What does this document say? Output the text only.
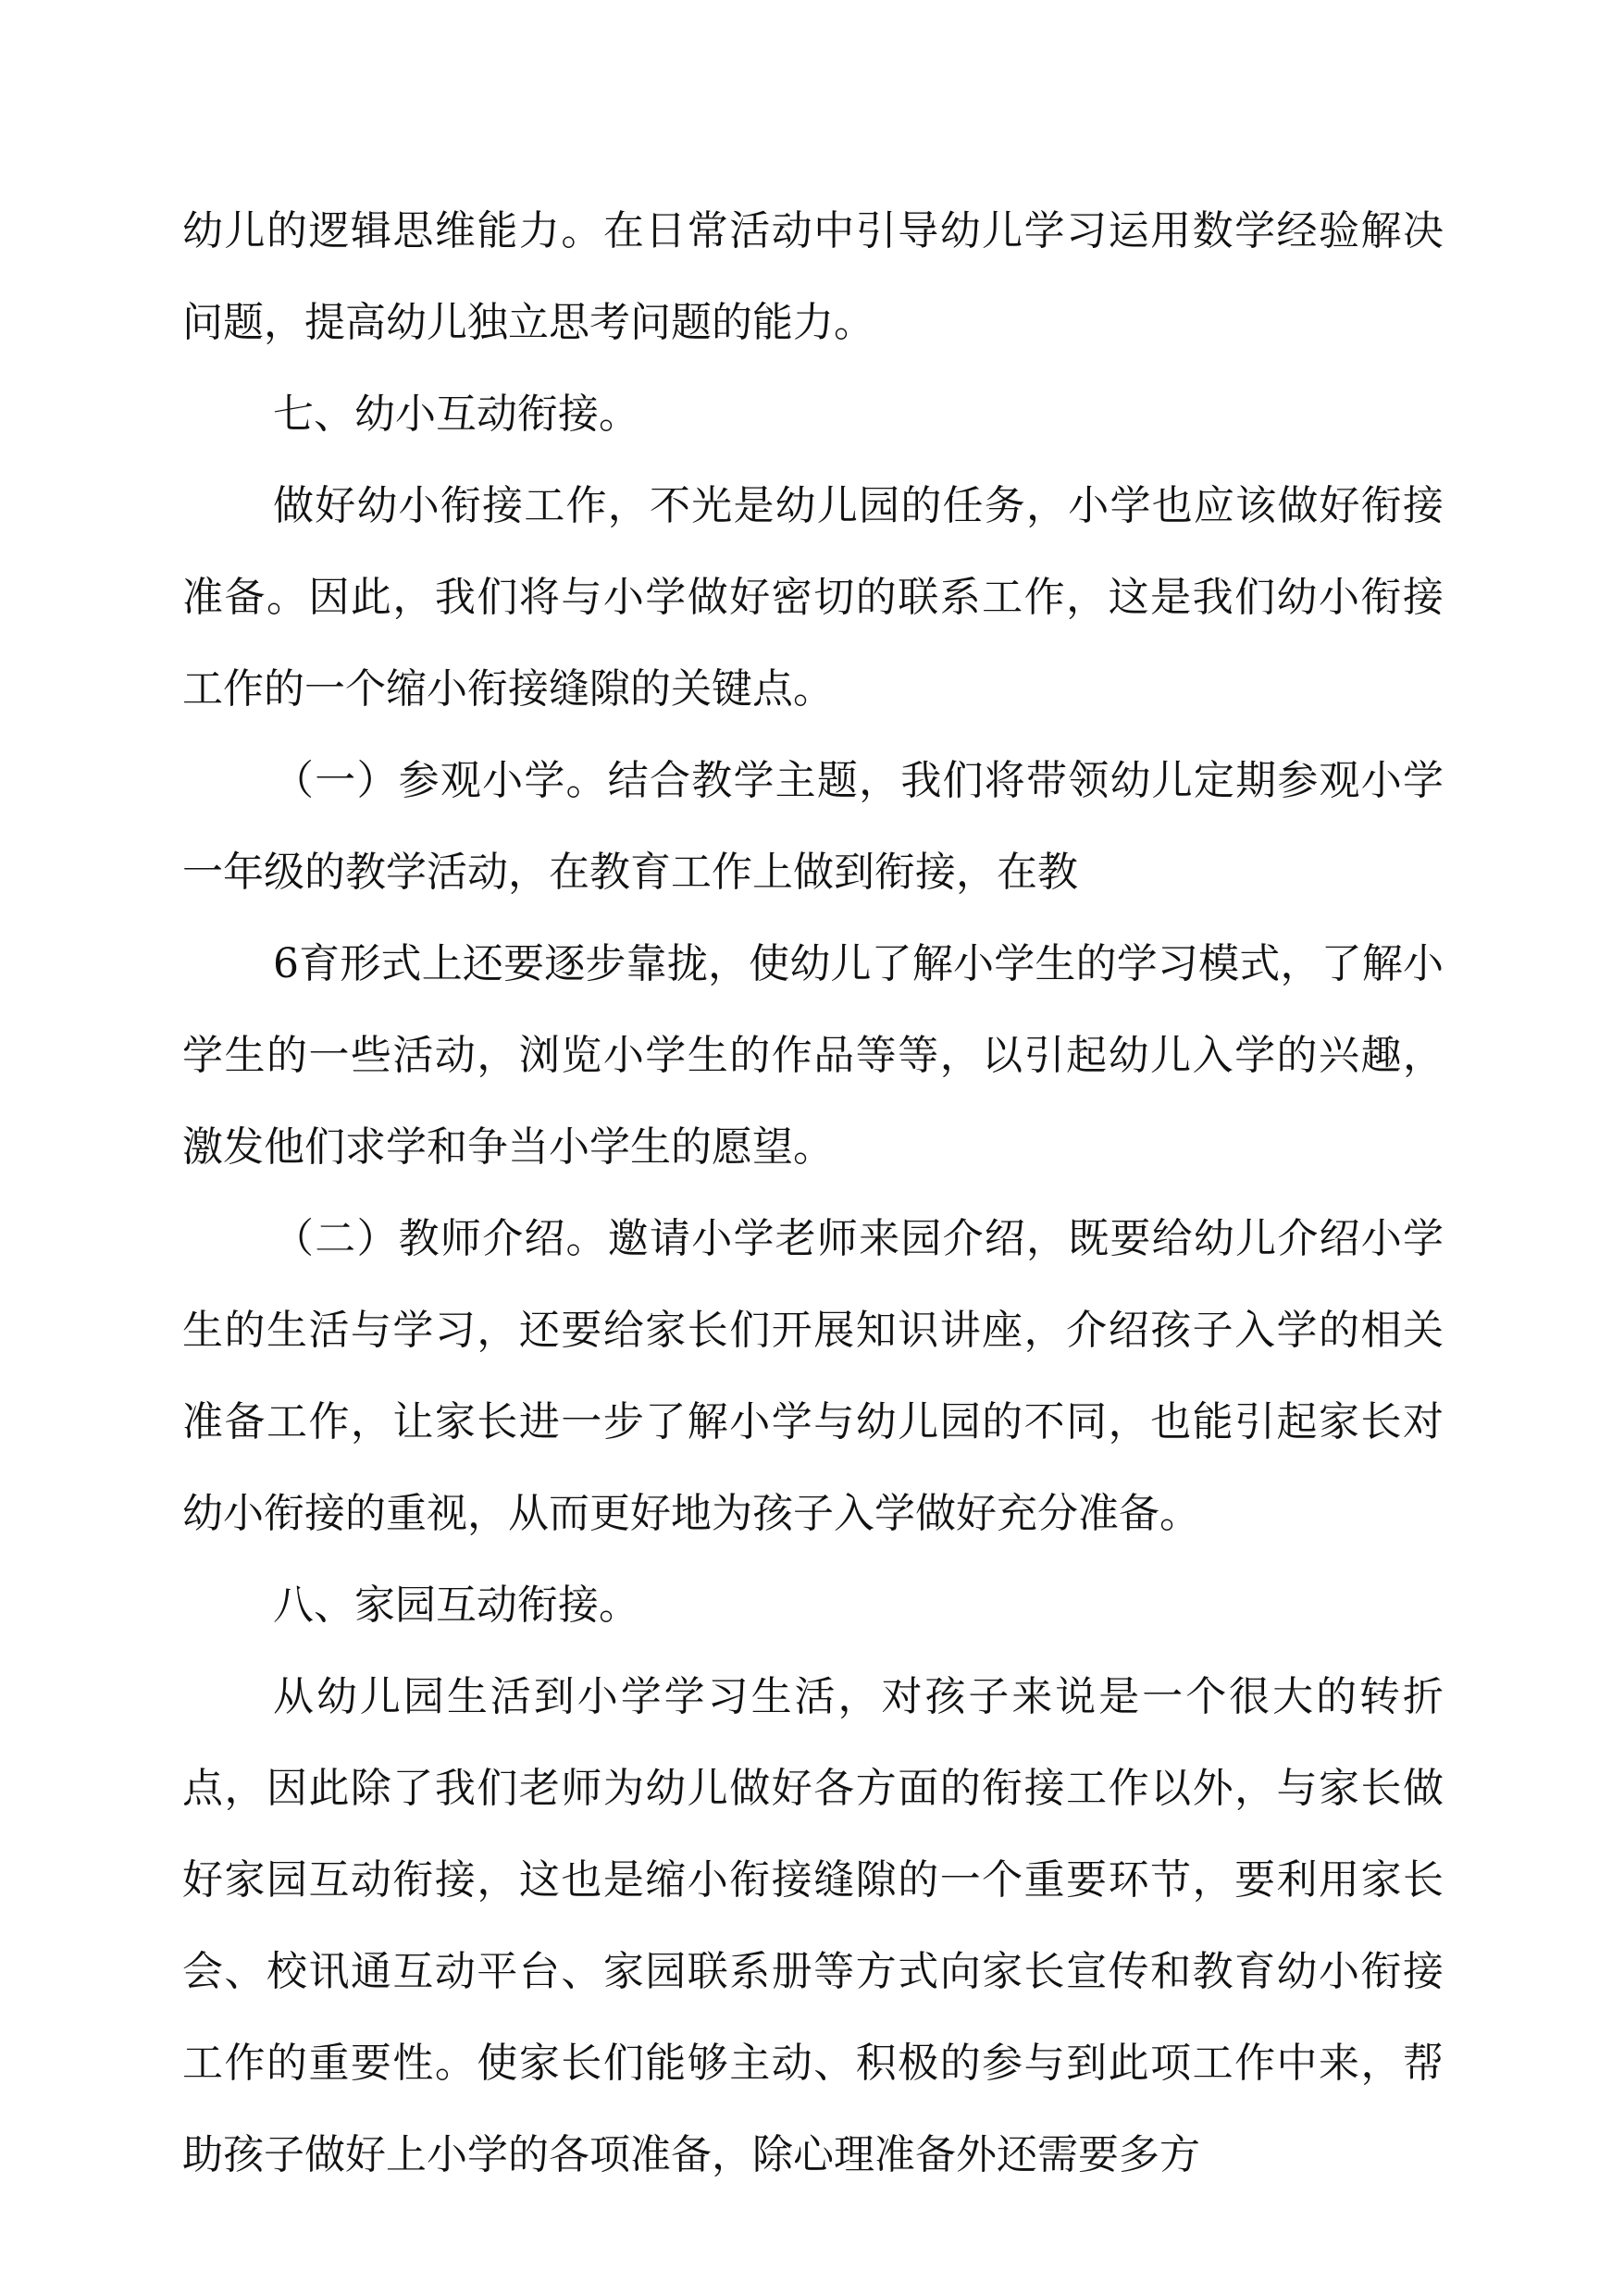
幼儿的逻辑思维能力。在日常活动中引导幼儿学习运用数学经验解决问题，提高幼儿独立思考问题的能力。

七、幼小互动衔接。

做好幼小衔接工作，不光是幼儿园的任务，小学也应该做好衔接准备。因此，我们将与小学做好密切的联系工作，这是我们幼小衔接工作的一个缩小衔接缝隙的关键点。

（一）参观小学。结合教学主题，我们将带领幼儿定期参观小学一年级的教学活动，在教育工作上做到衔接，在教

6育形式上还要逐步靠拢，使幼儿了解小学生的学习模式，了解小学生的一些活动，浏览小学生的作品等等，以引起幼儿入学的兴趣，激发他们求学和争当小学生的愿望。

（二）教师介绍。邀请小学老师来园介绍，既要给幼儿介绍小学生的生活与学习，还要给家长们开展知识讲座，介绍孩子入学的相关准备工作，让家长进一步了解小学与幼儿园的不同，也能引起家长对幼小衔接的重视，从而更好地为孩子入学做好充分准备。

八、家园互动衔接。

从幼儿园生活到小学学习生活，对孩子来说是一个很大的转折点，因此除了我们老师为幼儿做好各方面的衔接工作以外，与家长做好家园互动衔接，这也是缩小衔接缝隙的一个重要环节，要利用家长会、校讯通互动平台、家园联系册等方式向家长宣传和教育幼小衔接工作的重要性。使家长们能够主动、积极的参与到此项工作中来，帮助孩子做好上小学的各项准备，除心理准备外还需要多方
